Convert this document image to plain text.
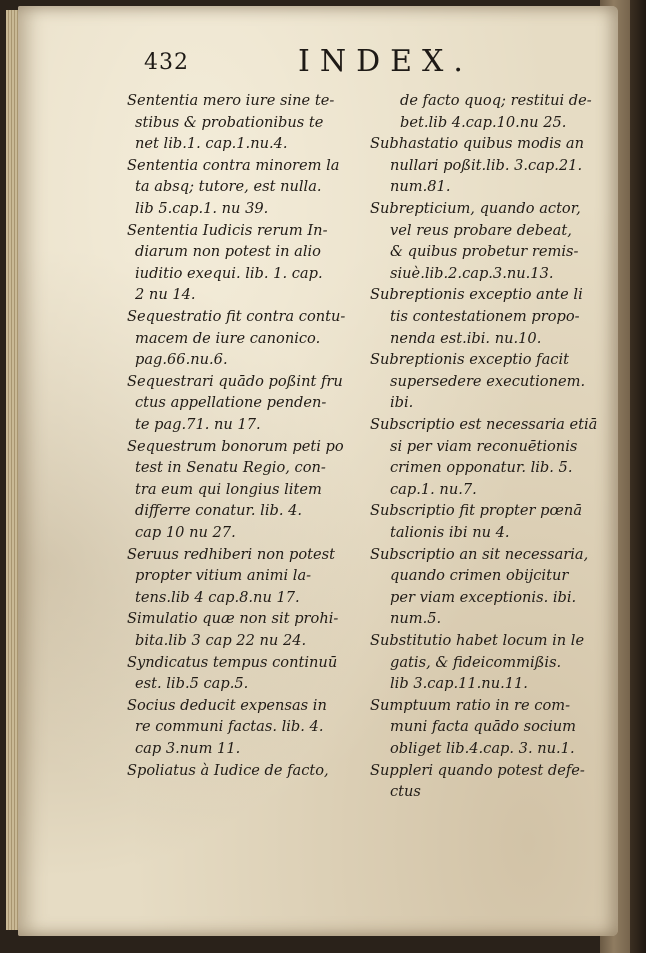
432	INDEX.
Sententia mero iure sine te-
stibus & probationibus te
net lib.1. cap.1.nu.4.
Sententia contra minorem la
ta absq; tutore, est nulla.
lib 5.cap.1. nu 39.
Sententia Iudicis rerum In-
diarum non potest in alio
iuditio exequi. lib. 1. cap.
2 nu 14.
Sequestratio fit contra contu-
macem de iure canonico.
pag.66.nu.6.
Sequestrari quādo poßint fru
ctus appellatione penden-
te pag.71. nu 17.
Sequestrum bonorum peti po
test in Senatu Regio, con-
tra eum qui longius litem
differre conatur. lib. 4.
cap 10 nu 27.
Seruus redhiberi non potest
propter vitium animi la-
tens.lib 4 cap.8.nu 17.
Simulatio quæ non sit prohi-
bita.lib 3 cap 22 nu 24.
Syndicatus tempus continuū
est. lib.5 cap.5.
Socius deducit expensas in
re communi factas. lib. 4.
cap 3.num 11.
Spoliatus à Iudice de facto,
de facto quoq; restitui de-
bet.lib 4.cap.10.nu 25.
Subhastatio quibus modis an
nullari poßit.lib. 3.cap.21.
num.81.
Subrepticium, quando actor,
vel reus probare debeat,
& quibus probetur remis-
siuè.lib.2.cap.3.nu.13.
Subreptionis exceptio ante li
tis contestationem propo-
nenda est.ibi. nu.10.
Subreptionis exceptio facit
supersedere executionem.
ibi.
Subscriptio est necessaria etiā
si per viam reconuētionis
crimen opponatur. lib. 5.
cap.1. nu.7.
Subscriptio fit propter pœnā
talionis ibi nu 4.
Subscriptio an sit necessaria,
quando crimen obijcitur
per viam exceptionis. ibi.
num.5.
Substitutio habet locum in le
gatis, & fideicommißis.
lib 3.cap.11.nu.11.
Sumptuum ratio in re com-
muni facta quādo socium
obliget lib.4.cap. 3. nu.1.
Suppleri quando potest defe-
ctus
